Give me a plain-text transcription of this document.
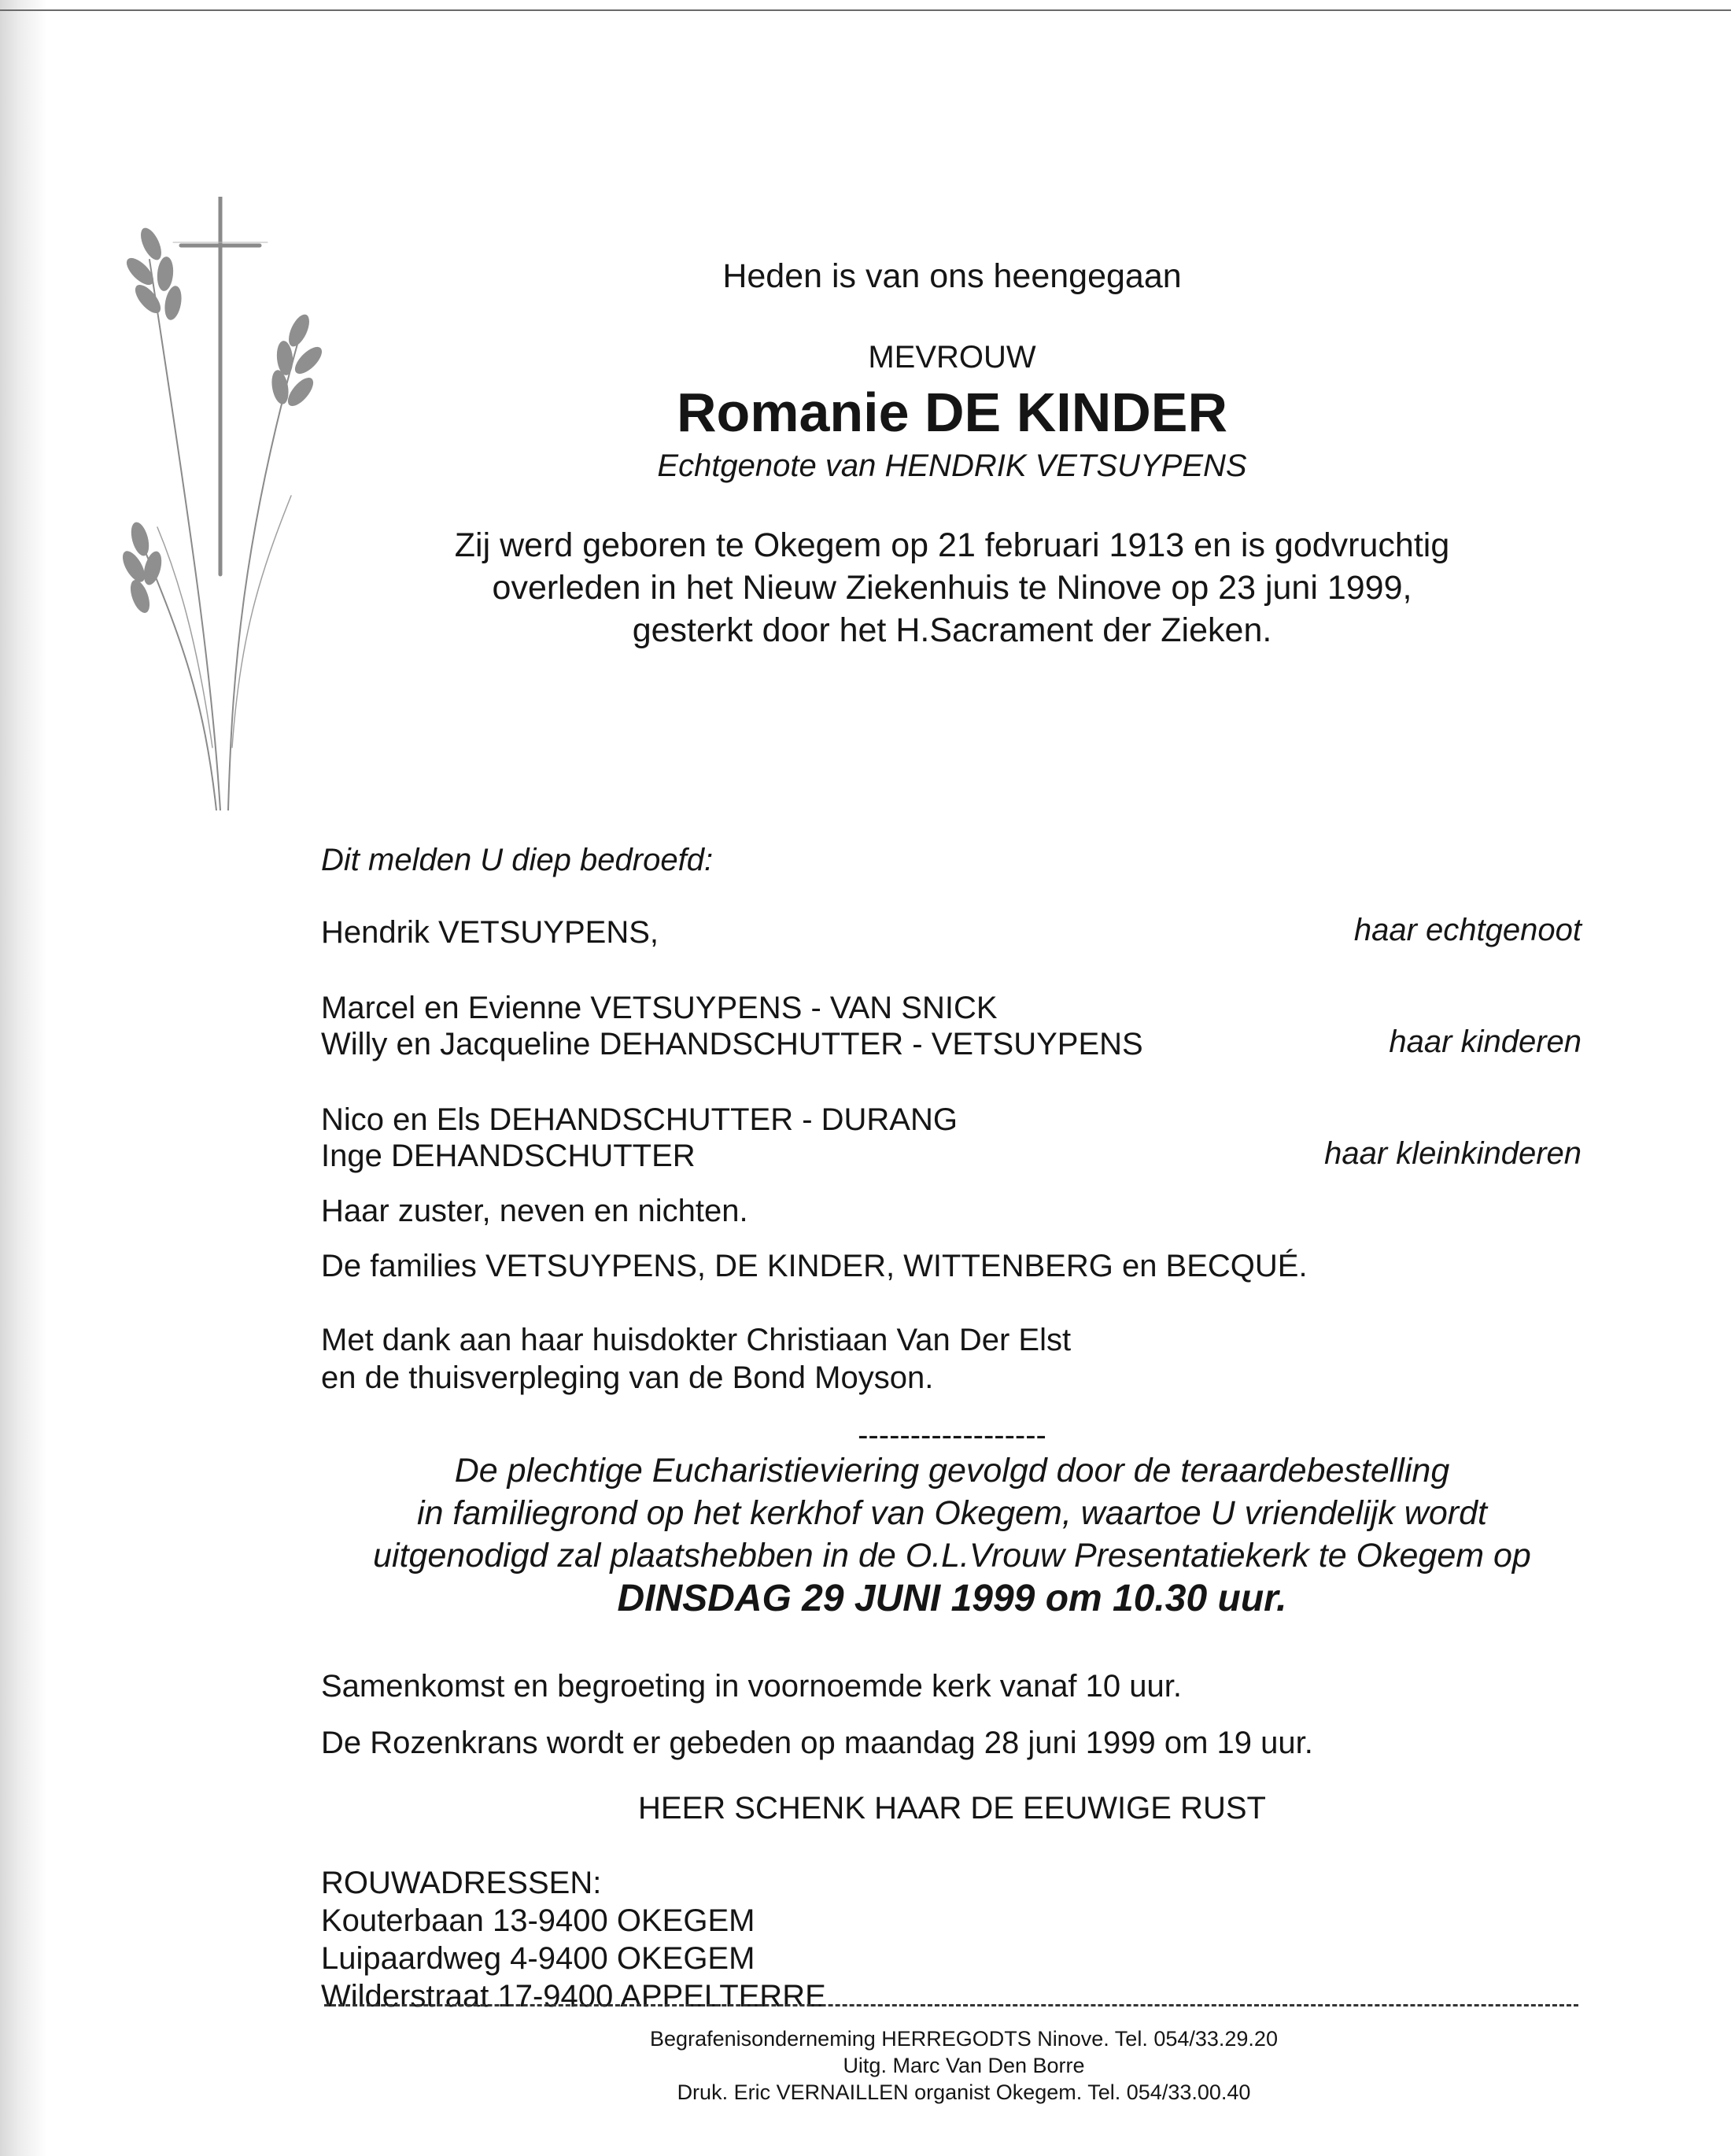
Heden is van ons heengegaan
MEVROUW
Romanie DE KINDER
Echtgenote van HENDRIK VETSUYPENS
Zij werd geboren te Okegem op 21 februari 1913 en is godvruchtig
overleden in het Nieuw Ziekenhuis te Ninove op 23 juni 1999,
gesterkt door het H.Sacrament der Zieken.
Dit melden U diep bedroefd:
Hendrik VETSUYPENS,	haar echtgenoot
Marcel en Evienne VETSUYPENS - VAN SNICK
Willy en Jacqueline DEHANDSCHUTTER - VETSUYPENS	haar kinderen
Nico en Els DEHANDSCHUTTER - DURANG
Inge DEHANDSCHUTTER	haar kleinkinderen
Haar zuster, neven en nichten.
De families VETSUYPENS, DE KINDER, WITTENBERG en BECQUÉ.
Met dank aan haar huisdokter Christiaan Van Der Elst
en de thuisverpleging van de Bond Moyson.
------------------
De plechtige Eucharistieviering gevolgd door de teraardebestelling
in familiegrond op het kerkhof van Okegem, waartoe U vriendelijk wordt
uitgenodigd zal plaatshebben in de O.L.Vrouw Presentatiekerk te Okegem op
DINSDAG 29 JUNI 1999 om 10.30 uur.
Samenkomst en begroeting in voornoemde kerk vanaf 10 uur.
De Rozenkrans wordt er gebeden op maandag 28 juni 1999 om 19 uur.
HEER SCHENK HAAR DE EEUWIGE RUST
ROUWADRESSEN:
Kouterbaan 13-9400 OKEGEM
Luipaardweg 4-9400 OKEGEM
Wilderstraat 17-9400 APPELTERRE
Begrafenisonderneming HERREGODTS Ninove. Tel. 054/33.29.20
Uitg. Marc Van Den Borre
Druk. Eric VERNAILLEN organist Okegem. Tel. 054/33.00.40
